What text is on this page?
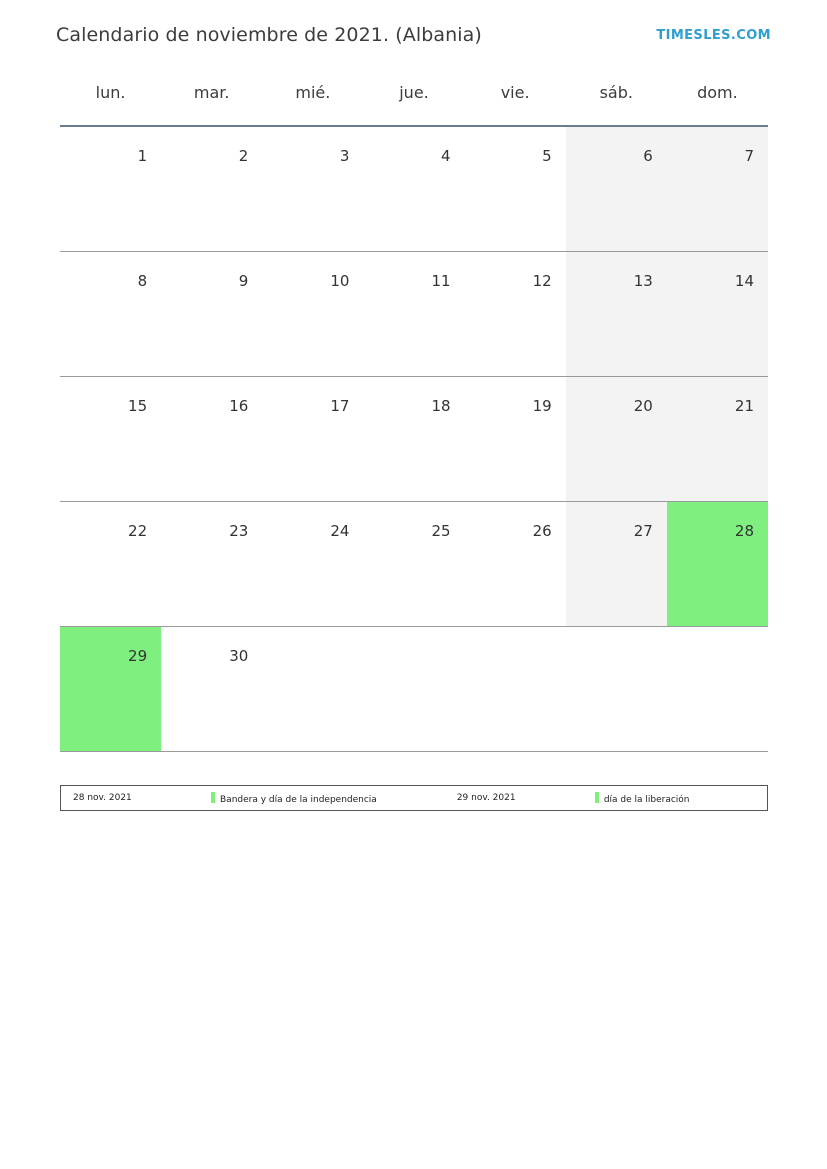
Calendario de noviembre de 2021. (Albania)	TIMESLES.COM
lun.	mar.	mié.	jue.	vie.	sáb.	dom.

1	2	3	4	5	6	7

8	9	10	11	12	13	14

15	16	17	18	19	20	21

22	23	24	25	26	27	28

29	30					

28 nov. 2021	Bandera y día de la independencia	29 nov. 2021	día de la liberación
